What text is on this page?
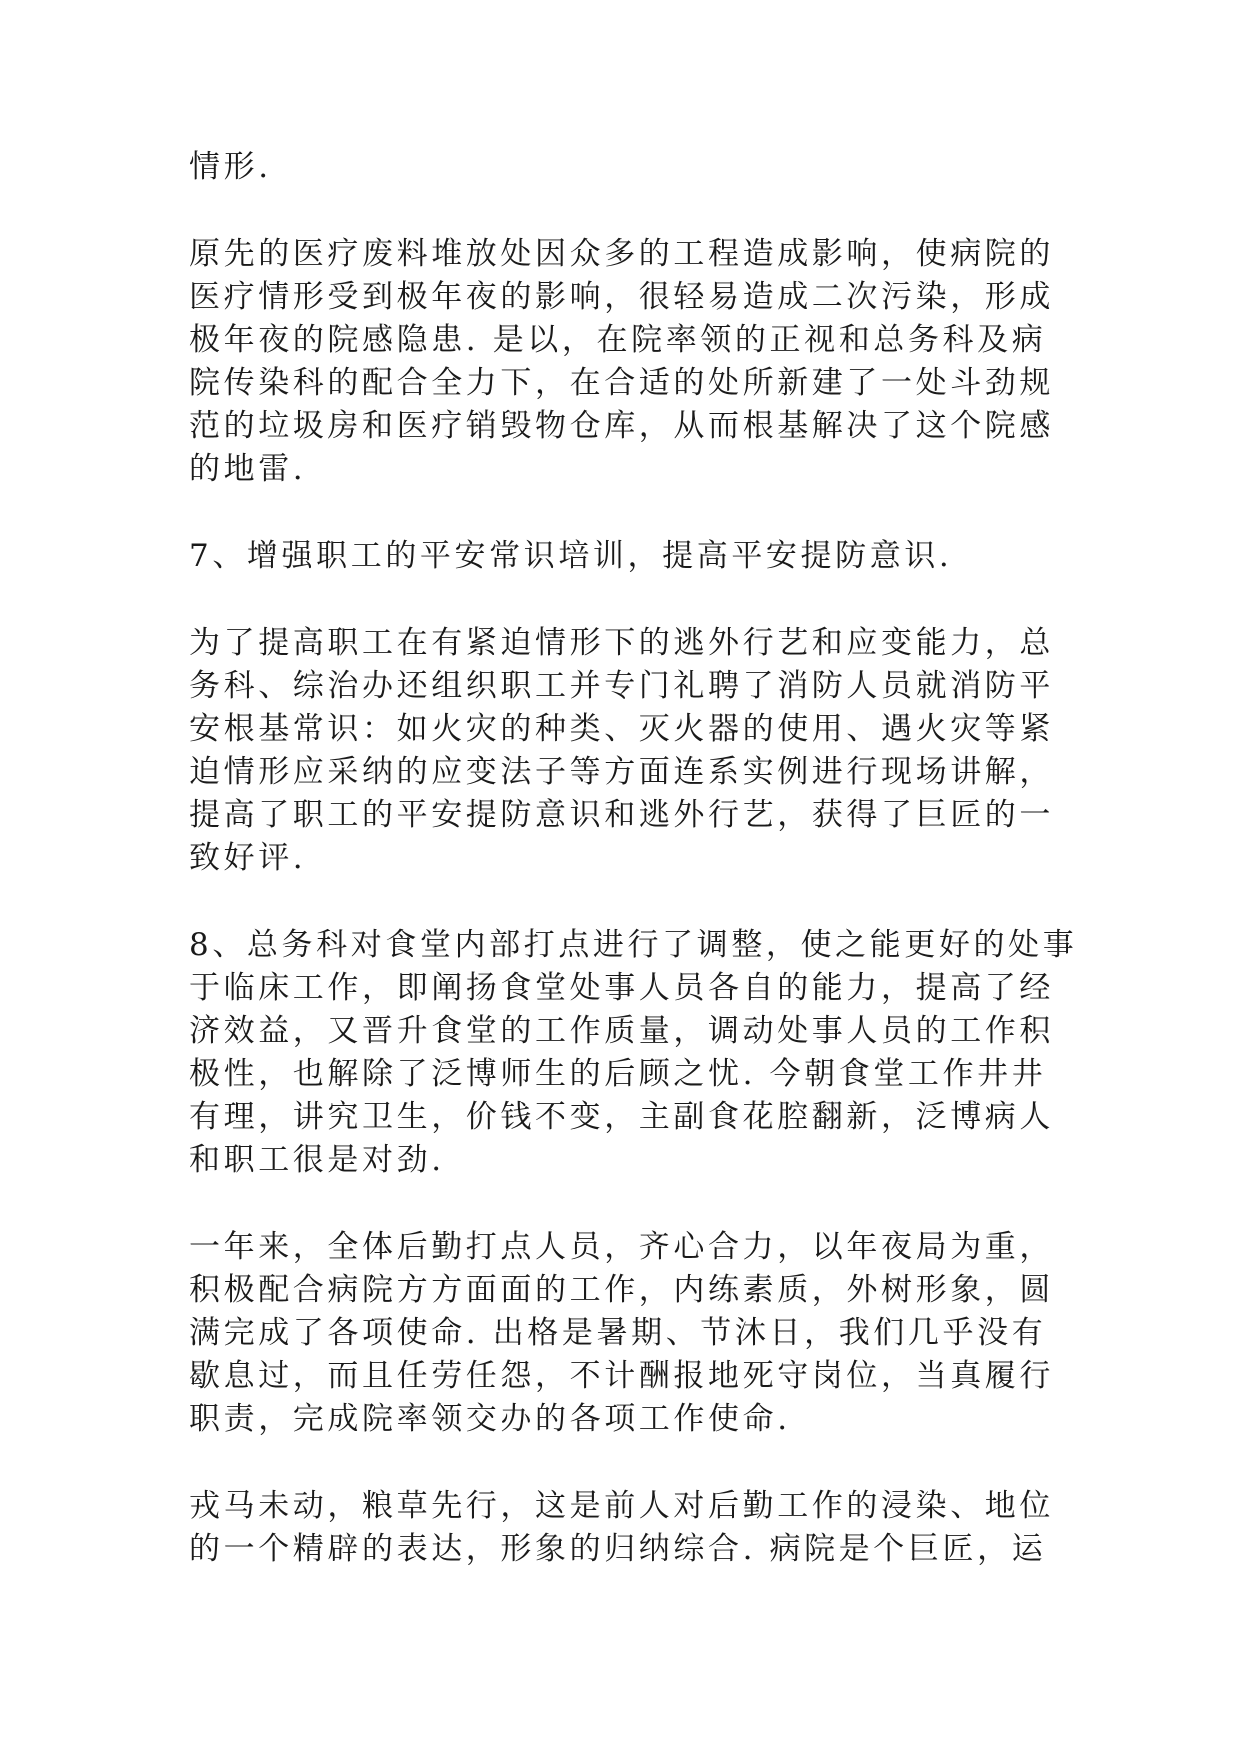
情形.
原先的医疗废料堆放处因众多的工程造成影响，使病院的
医疗情形受到极年夜的影响，很轻易造成二次污染，形成
极年夜的院感隐患. 是以，在院率领的正视和总务科及病
院传染科的配合全力下，在合适的处所新建了一处斗劲规
范的垃圾房和医疗销毁物仓库，从而根基解决了这个院感
的地雷.
7、增强职工的平安常识培训，提高平安提防意识.
为了提高职工在有紧迫情形下的逃外行艺和应变能力，总
务科、综治办还组织职工并专门礼聘了消防人员就消防平
安根基常识：如火灾的种类、灭火器的使用、遇火灾等紧
迫情形应采纳的应变法子等方面连系实例进行现场讲解，
提高了职工的平安提防意识和逃外行艺，获得了巨匠的一
致好评.
8、总务科对食堂内部打点进行了调整，使之能更好的处事
于临床工作，即阐扬食堂处事人员各自的能力，提高了经
济效益，又晋升食堂的工作质量，调动处事人员的工作积
极性，也解除了泛博师生的后顾之忧. 今朝食堂工作井井
有理，讲究卫生，价钱不变，主副食花腔翻新，泛博病人
和职工很是对劲.
一年来，全体后勤打点人员，齐心合力，以年夜局为重，
积极配合病院方方面面的工作，内练素质，外树形象，圆
满完成了各项使命. 出格是暑期、节沐日，我们几乎没有
歇息过，而且任劳任怨，不计酬报地死守岗位，当真履行
职责，完成院率领交办的各项工作使命.
戎马未动，粮草先行，这是前人对后勤工作的浸染、地位
的一个精辟的表达，形象的归纳综合. 病院是个巨匠，运
